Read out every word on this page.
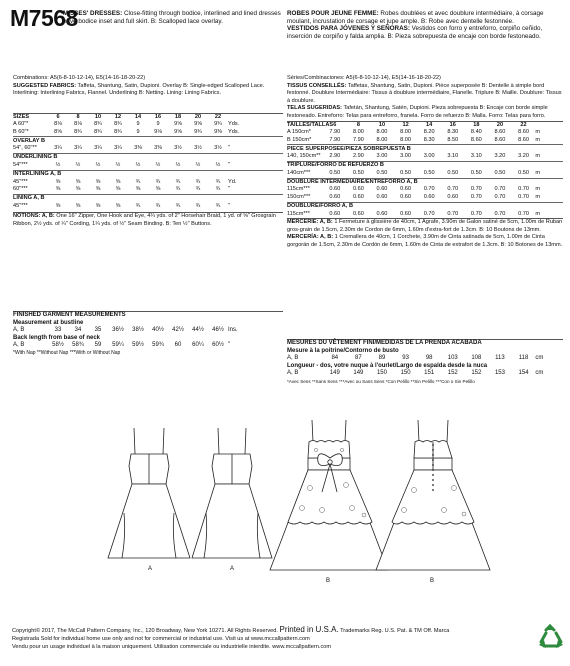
M7568
MISSES' DRESSES: Close-fitting through bodice, interlined and lined dresses have bodice inset and full skirt. B: Scalloped lace overlay.
ROBES POUR JEUNE FEMME: Robes doublées et avec doublure intermédiaire, à corsage moulant, incrustation de corsage et jupe ample. B: Robe avec dentelle festonnée.
VESTIDOS PARA JÓVENES Y SEÑORAS: Vestidos con forro y entreforro, corpiño ceñido, inserción de corpiño y falda amplia. B: Pieza sobrepuesta de encaje con borde festoneado.
Combinations: A5(6-8-10-12-14), E5(14-16-18-20-22)
SUGGESTED FABRICS: Taffeta, Shantung, Satin, Dupioni. Overlay B: Single-edged Scalloped Lace. Interlining: Interlining Fabrics, Flannel. Underlining B: Netting. Lining: Lining Fabrics.
SIZES	6	8	10	12	14	16	18	20	22
A 60"*	8⅛	8⅛	8¾	8¾	9	9	9⅝	9⅝	9¾	Yds.
B 60"*	8⅝	8¾	8¾	8¾	9	9⅛	9⅝	9¾	9⅜	Yds.
OVERLAY B
54", 60"**	3¼	3¼	3¼	3¼	3⅜	3⅜	3½	3½	3½	"
UNDERLINING B
54"***	½	½	½	½	½	½	½	½	½	"
INTERLINING A, B
45"***	⅝	⅝	⅝	⅝	¾	¾	¾	¾	¾	Yd.
60"***	⅝	⅝	⅝	⅝	⅝	⅝	¾	¾	¾	"
LINING A, B
45"***	⅝	⅝	⅝	⅝	¾	¾	¾	¾	¾	"
NOTIONS: A, B: One 16" Zipper, One Hook and Eye, 4¼ yds. of 2" Horsehair Braid, 1 yd. of ⅝" Grosgrain Ribbon, 2½ yds. of ¼" Cording, 1¼ yds. of ½" Seam Binding. B: Ten ½" Buttons.
Séries/Combinaciones: A5(6-8-10-12-14), E5(14-16-18-20-22)
TISSUS CONSEILLÉS: Taffetas, Shantung, Satin, Dupioni. Pièce superposée B: Dentelle à simple bord festonné. Doublure Intermédiaire: Tissus à doublure intermédiaire, Flanelle. Triplure B: Maille. Doublure: Tissus à doublure.
TELAS SUGERIDAS: Tafetán, Shantung, Satén, Dupioni. Pieza sobrepuesta B: Encaje con borde simple festoneado. Entreforro: Telas para entreforro, franela. Forro de refuerzo B: Malla. Forro: Telas para forro.
TAILLES/TALLAS 6	8	10	12	14	16	18	20	22
A 150cm*	7.90	8.00	8.00	8.00	8.20	8.30	8.40	8.60	8.60	m
B 150cm*	7.90	7.90	8.00	8.00	8.30	8.50	8.60	8.60	8.60	m
PIECE SUPERPOSEE/PIEZA SOBREPUESTA B
140, 150cm**	2.90	2.90	3.00	3.00	3.00	3.10	3.10	3.20	3.20	m
TRIPLURE/FORRO DE REFUERZO B
140cm***	0.50	0.50	0.50	0.50	0.50	0.50	0.50	0.50	0.50	m
DOUBLURE INTERMÉDIAIRE/ENTREFORRO A, B
115cm***	0.60	0.60	0.60	0.60	0.70	0.70	0.70	0.70	0.70	m
150cm***	0.60	0.60	0.60	0.60	0.60	0.60	0.70	0.70	0.70	m
DOUBLURE/FORRO A, B
115cm***	0.60	0.60	0.60	0.60	0.70	0.70	0.70	0.70	0.70	m
MERCERIE: A, B: 1 Fermeture à glissière de 40cm, 1 Agrafe, 3.90m de Galon satiné de 5cm, 1.00m de Ruban gros-grain de 1.5cm, 2.30m de Cordon de 6mm, 1.60m d'extra-fort de 1.3cm. B: 10 Boutons de 13mm.
MERCERÍA: A, B: 1 Cremallera de 40cm, 1 Corchete, 3.90m de Cinta satinada de 5cm, 1.00m de Cinta gorgorán de 1.5cm, 2.30m de Cordón de 6mm, 1.60m de Cinta de extrafort de 1.3cm. B: 10 Botones de 13mm.
FINISHED GARMENT MEASUREMENTS
Measurement at bustline
A, B	33	34	35	36½	38½	40½	42½	44½	46½ Ins.
Back length from base of neck
A, B	58½	58¾	59	59¼	59½	59¾	60	60¼	60½ "
*With Nap **Without Nap ***With or Without Nap
MESURES DU VÊTEMENT FINI/MEDIDAS DE LA PRENDA ACABADA
Mesure à la poitrine/Contorno de busto
A, B	84	87	89	93	98	103	108	113	118	cm
Longueur - dos, votre nuque à l'ourlet/Largo de espalda desde la nuca
A, B	149	149	150	150	151	152	152	153	154	cm
*Avec Sens **Sans Sens ***Avec ou Sans Sens *Con Pelillo **Sin Pelillo ***Con o Sin Pelillo
A	A
B	B
Copyright© 2017, The McCall Pattern Company, Inc., 120 Broadway, New York 10271. All Rights Reserved. Printed in U.S.A. Trademarks Reg. U.S. Pat. & TM Off. Marca
Registrada Sold for individual home use only and not for commercial or industrial use. Visit us at www.mccallpattern.com
Vendu pour un usage individuel à la maison uniquement. Utilisation commerciale ou industrielle interdite. www.mccallpattern.com
